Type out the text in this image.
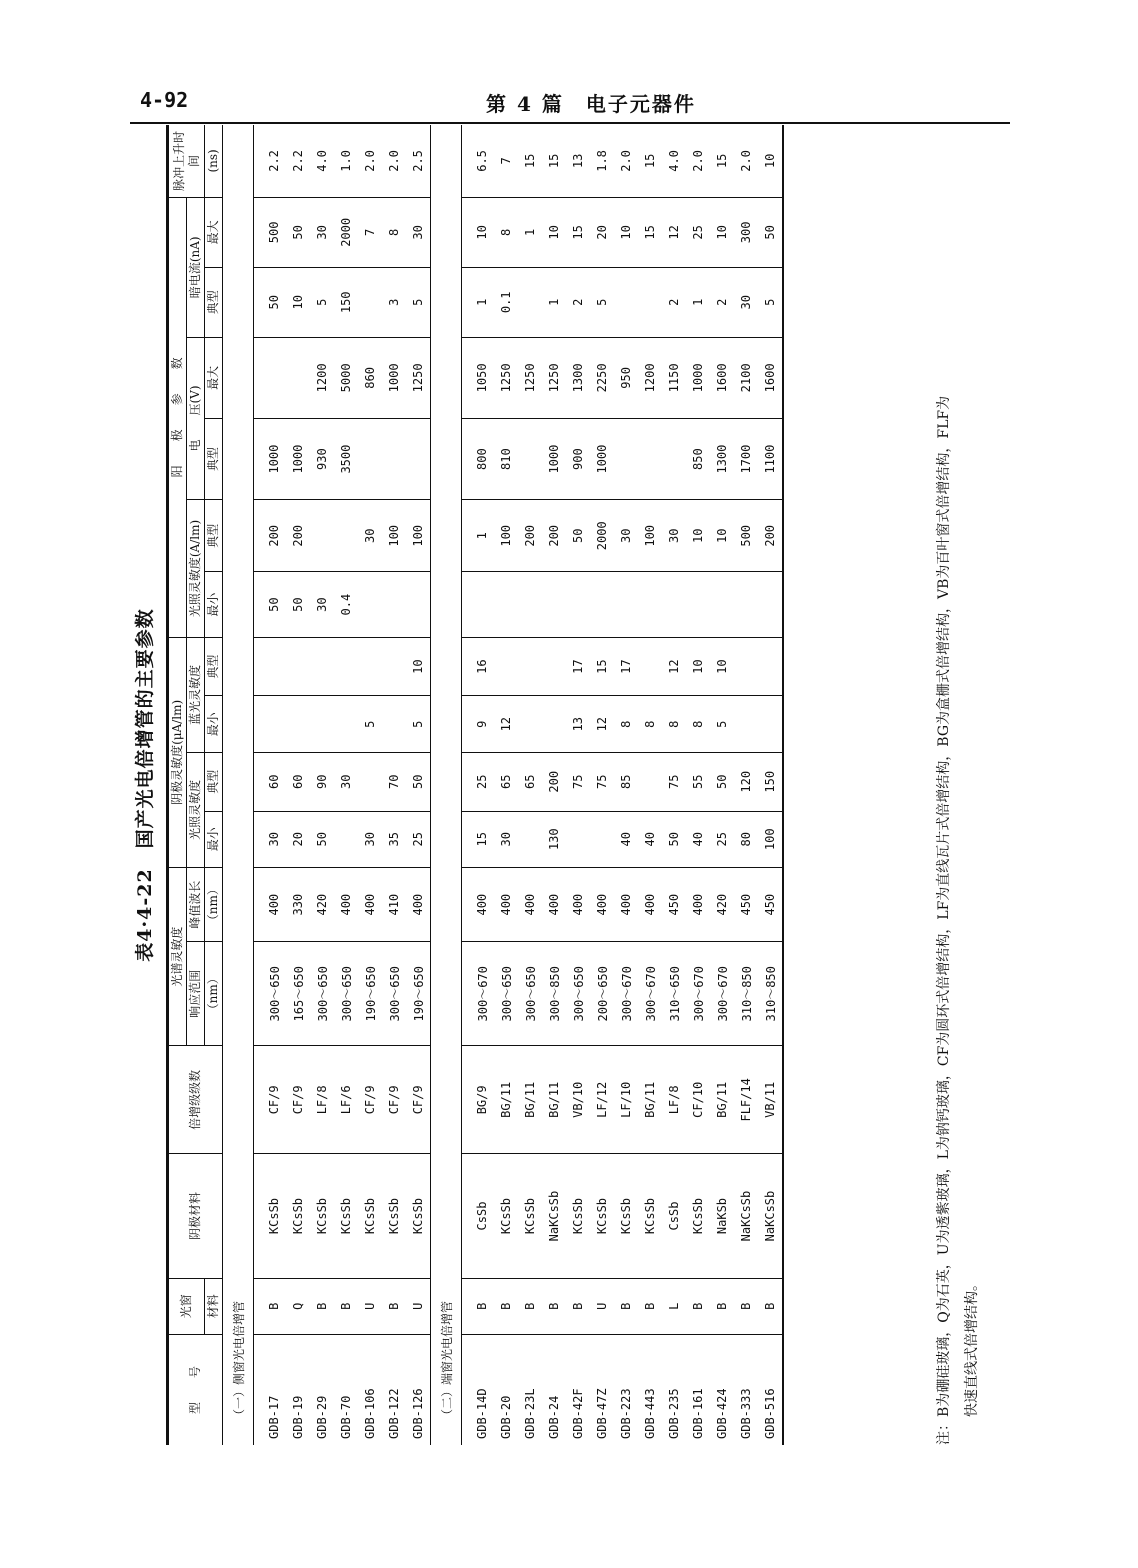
4-92	第 4 篇　电子元器件
表4·4-22　国产光电倍增管的主要参数
型　　号	光窗	阴极材料	倍增级级数	光谱灵敏度		阴极灵敏度(μA/lm)				阳　　极　　参　　数						脉冲上升时间
				响应范围	峰值波长	光照灵敏度		蓝光灵敏度		光照灵敏度(A/lm)		电　　压(V)		暗电流(nA)		
	材料			（nm）	（nm）	最小	典型	最小	典型	最小	典型	典型	最大	典型	最大	(ns)
（一）侧窗光电倍增管																
GDB-17	B	KCsSb	CF/9	300～650	400	30	60			50	200	1000		50	500	2.2
GDB-19	Q	KCsSb	CF/9	165～650	330	20	60			50	200	1000		10	50	2.2
GDB-29	B	KCsSb	LF/8	300～650	420	50	90			30		930	1200	5	30	4.0
GDB-70	B	KCsSb	LF/6	300～650	400		30			0.4		3500	5000	150	2000	1.0
GDB-106	U	KCsSb	CF/9	190～650	400	30		5			30		860		7	2.0
GDB-122	B	KCsSb	CF/9	300～650	410	35	70				100		1000	3	8	2.0
GDB-126	U	KCsSb	CF/9	190～650	400	25	50	5	10		100		1250	5	30	2.5
（二）端窗光电倍增管																
GDB-14D	B	CsSb	BG/9	300～670	400	15	25	9	16		1	800	1050	1	10	6.5
GDB-20	B	KCsSb	BG/11	300～650	400	30	65	12			100	810	1250	0.1	8	7
GDB-23L	B	KCsSb	BG/11	300～650	400		65				200		1250		1	15
GDB-24	B	NaKCsSb	BG/11	300～850	400	130	200				200	1000	1250	1	10	15
GDB-42F	B	KCsSb	VB/10	300～650	400		75	13	17		50	900	1300	2	15	13
GDB-47Z	U	KCsSb	LF/12	200～650	400		75	12	15		2000	1000	2250	5	20	1.8
GDB-223	B	KCsSb	LF/10	300～670	400	40	85	8	17		30		950		10	2.0
GDB-443	B	KCsSb	BG/11	300～670	400	40		8			100		1200		15	15
GDB-235	L	CsSb	LF/8	310～650	450	50	75	8	12		30		1150	2	12	4.0
GDB-161	B	KCsSb	CF/10	300～670	400	40	55	8	10		10	850	1000	1	25	2.0
GDB-424	B	NaKSb	BG/11	300～670	420	25	50	5	10		10	1300	1600	2	10	15
GDB-333	B	NaKCsSb	FLF/14	310～850	450	80	120				500	1700	2100	30	300	2.0
GDB-516	B	NaKCsSb	VB/11	310～850	450	100	150				200	1100	1600	5	50	10

注：B为硼硅玻璃，Q为石英，U为透紫玻璃，L为钠钙玻璃，CF为圆环式倍增结构，LF为直线瓦片式倍增结构，BG为盒栅式倍增结构，VB为百叶窗式倍增结构，FLF为 快速直线式倍增结构。
